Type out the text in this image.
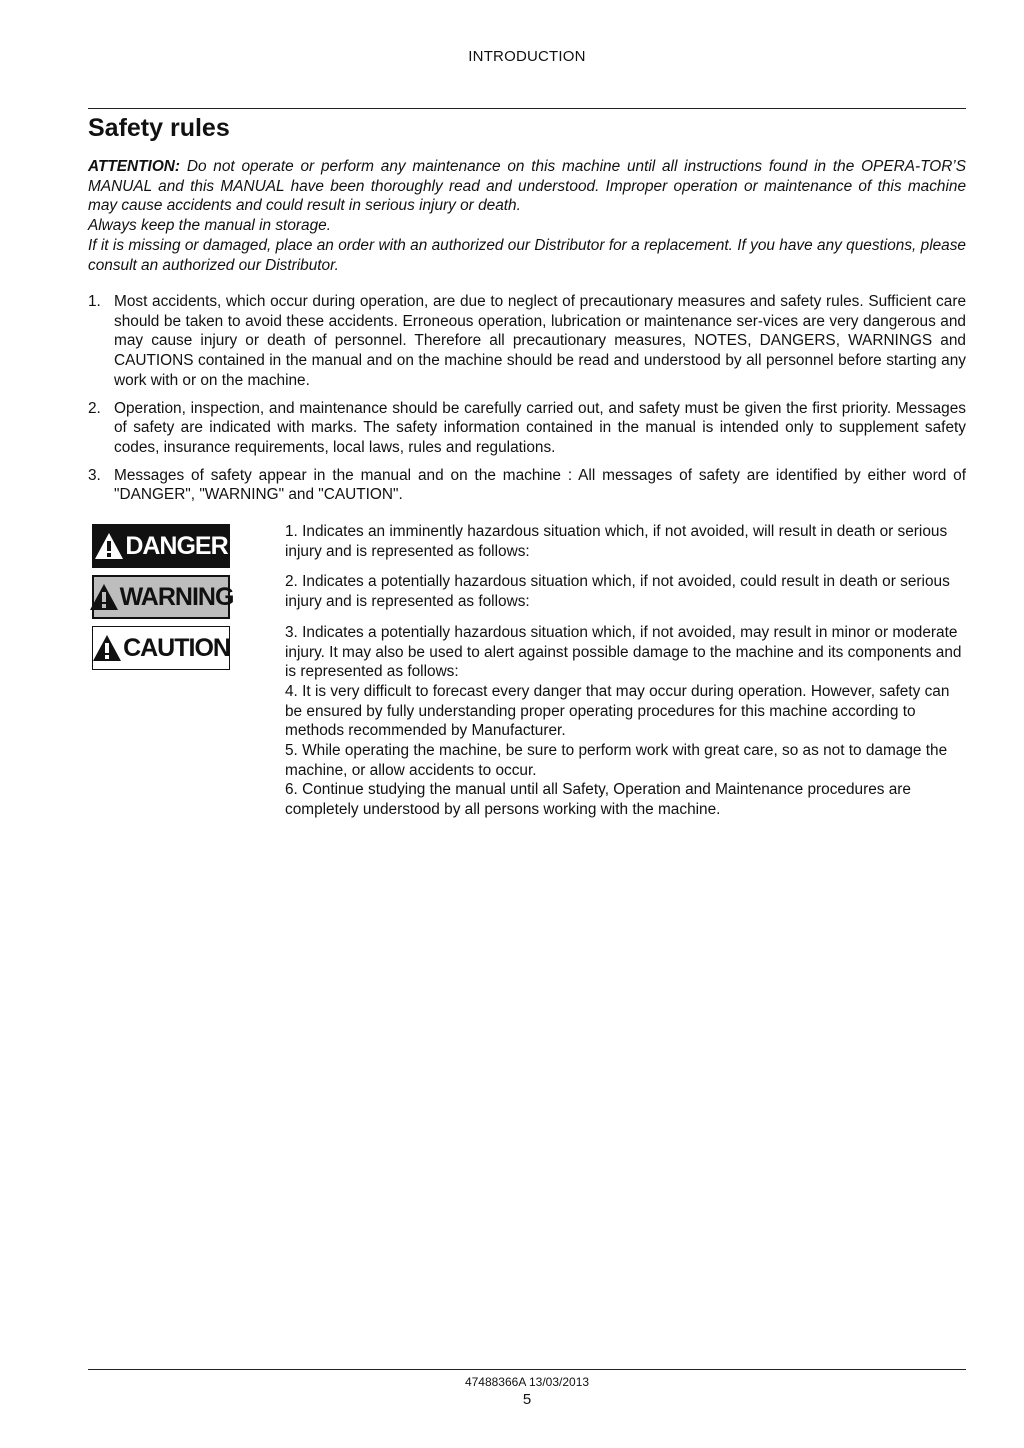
INTRODUCTION
Safety rules

ATTENTION: Do not operate or perform any maintenance on this machine until all instructions found in the OPERA-TOR’S MANUAL and this MANUAL have been thoroughly read and understood. Improper operation or maintenance of this machine may cause accidents and could result in serious injury or death.

Always keep the manual in storage.

If it is missing or damaged, place an order with an authorized our Distributor for a replacement. If you have any questions, please consult an authorized our Distributor.

1. Most accidents, which occur during operation, are due to neglect of precautionary measures and safety rules. Sufficient care should be taken to avoid these accidents. Erroneous operation, lubrication or maintenance ser-vices are very dangerous and may cause injury or death of personnel. Therefore all precautionary measures, NOTES, DANGERS, WARNINGS and CAUTIONS contained in the manual and on the machine should be read and understood by all personnel before starting any work with or on the machine.
2. Operation, inspection, and maintenance should be carefully carried out, and safety must be given the first priority. Messages of safety are indicated with marks. The safety information contained in the manual is intended only to supplement safety codes, insurance requirements, local laws, rules and regulations.
3. Messages of safety appear in the manual and on the machine : All messages of safety are identified by either word of "DANGER", "WARNING" and "CAUTION".
DANGER
WARNING
CAUTION

1. Indicates an imminently hazardous situation which, if not avoided, will result in death or serious injury and is represented as follows:

2. Indicates a potentially hazardous situation which, if not avoided, could result in death or serious injury and is represented as follows:

3. Indicates a potentially hazardous situation which, if not avoided, may result in minor or moderate injury. It may also be used to alert against possible damage to the machine and its components and is represented as follows:

4. It is very difficult to forecast every danger that may occur during operation. However, safety can be ensured by fully understanding proper operating procedures for this machine according to methods recommended by Manufacturer.

5. While operating the machine, be sure to perform work with great care, so as not to damage the machine, or allow accidents to occur.

6. Continue studying the manual until all Safety, Operation and Maintenance procedures are completely understood by all persons working with the machine.

47488366A 13/03/2013
5
